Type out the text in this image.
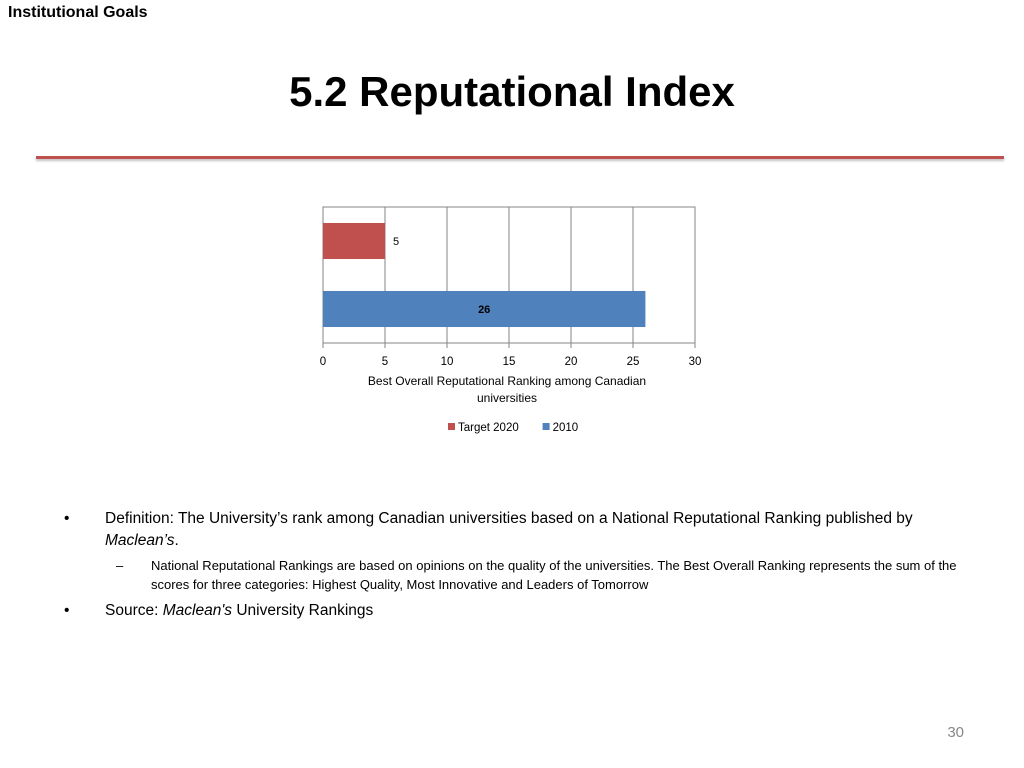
Institutional Goals
5.2 Reputational Index
5
26
0	5	10	15	20	25	30
Best Overall Reputational Ranking among Canadian
universities
Target 2020	2010
• Definition: The University’s rank among Canadian universities based on a National Reputational Ranking published by Maclean’s.
– National Reputational Rankings are based on opinions on the quality of the universities. The Best Overall Ranking represents the sum of the scores for three categories: Highest Quality, Most Innovative and Leaders of Tomorrow
• Source: Maclean's University Rankings
30
